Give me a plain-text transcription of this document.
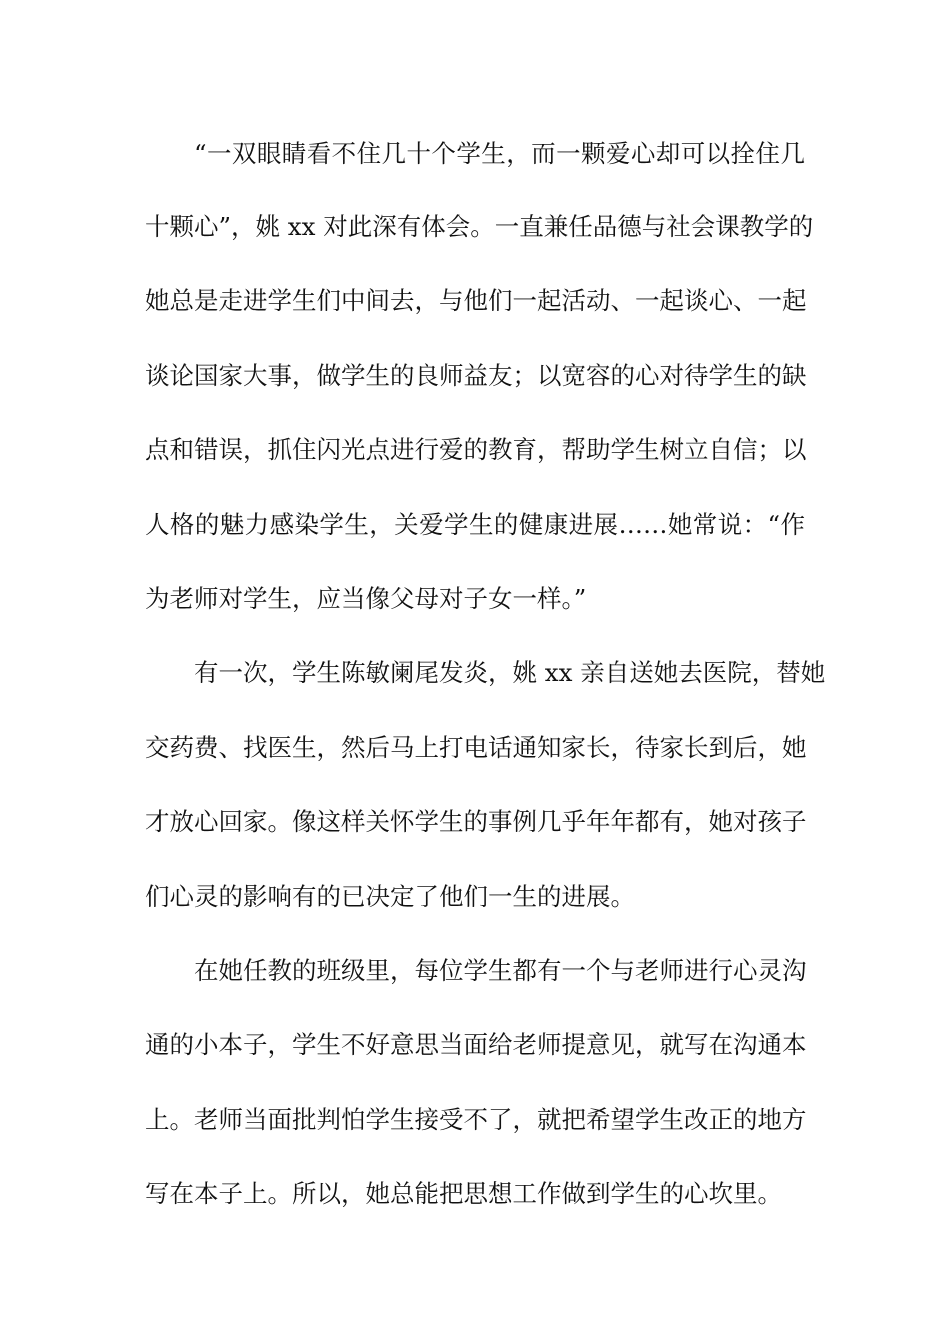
“一双眼睛看不住几十个学生，而一颗爱心却可以拴住几
十颗心”，姚 xx 对此深有体会。一直兼任品德与社会课教学的
她总是走进学生们中间去，与他们一起活动、一起谈心、一起
谈论国家大事，做学生的良师益友；以宽容的心对待学生的缺
点和错误，抓住闪光点进行爱的教育，帮助学生树立自信；以
人格的魅力感染学生，关爱学生的健康进展……她常说：“作
为老师对学生，应当像父母对子女一样。”
有一次，学生陈敏阑尾发炎，姚 xx 亲自送她去医院，替她
交药费、找医生，然后马上打电话通知家长，待家长到后，她
才放心回家。像这样关怀学生的事例几乎年年都有，她对孩子
们心灵的影响有的已决定了他们一生的进展。
在她任教的班级里，每位学生都有一个与老师进行心灵沟
通的小本子，学生不好意思当面给老师提意见，就写在沟通本
上。老师当面批判怕学生接受不了，就把希望学生改正的地方
写在本子上。所以，她总能把思想工作做到学生的心坎里。
